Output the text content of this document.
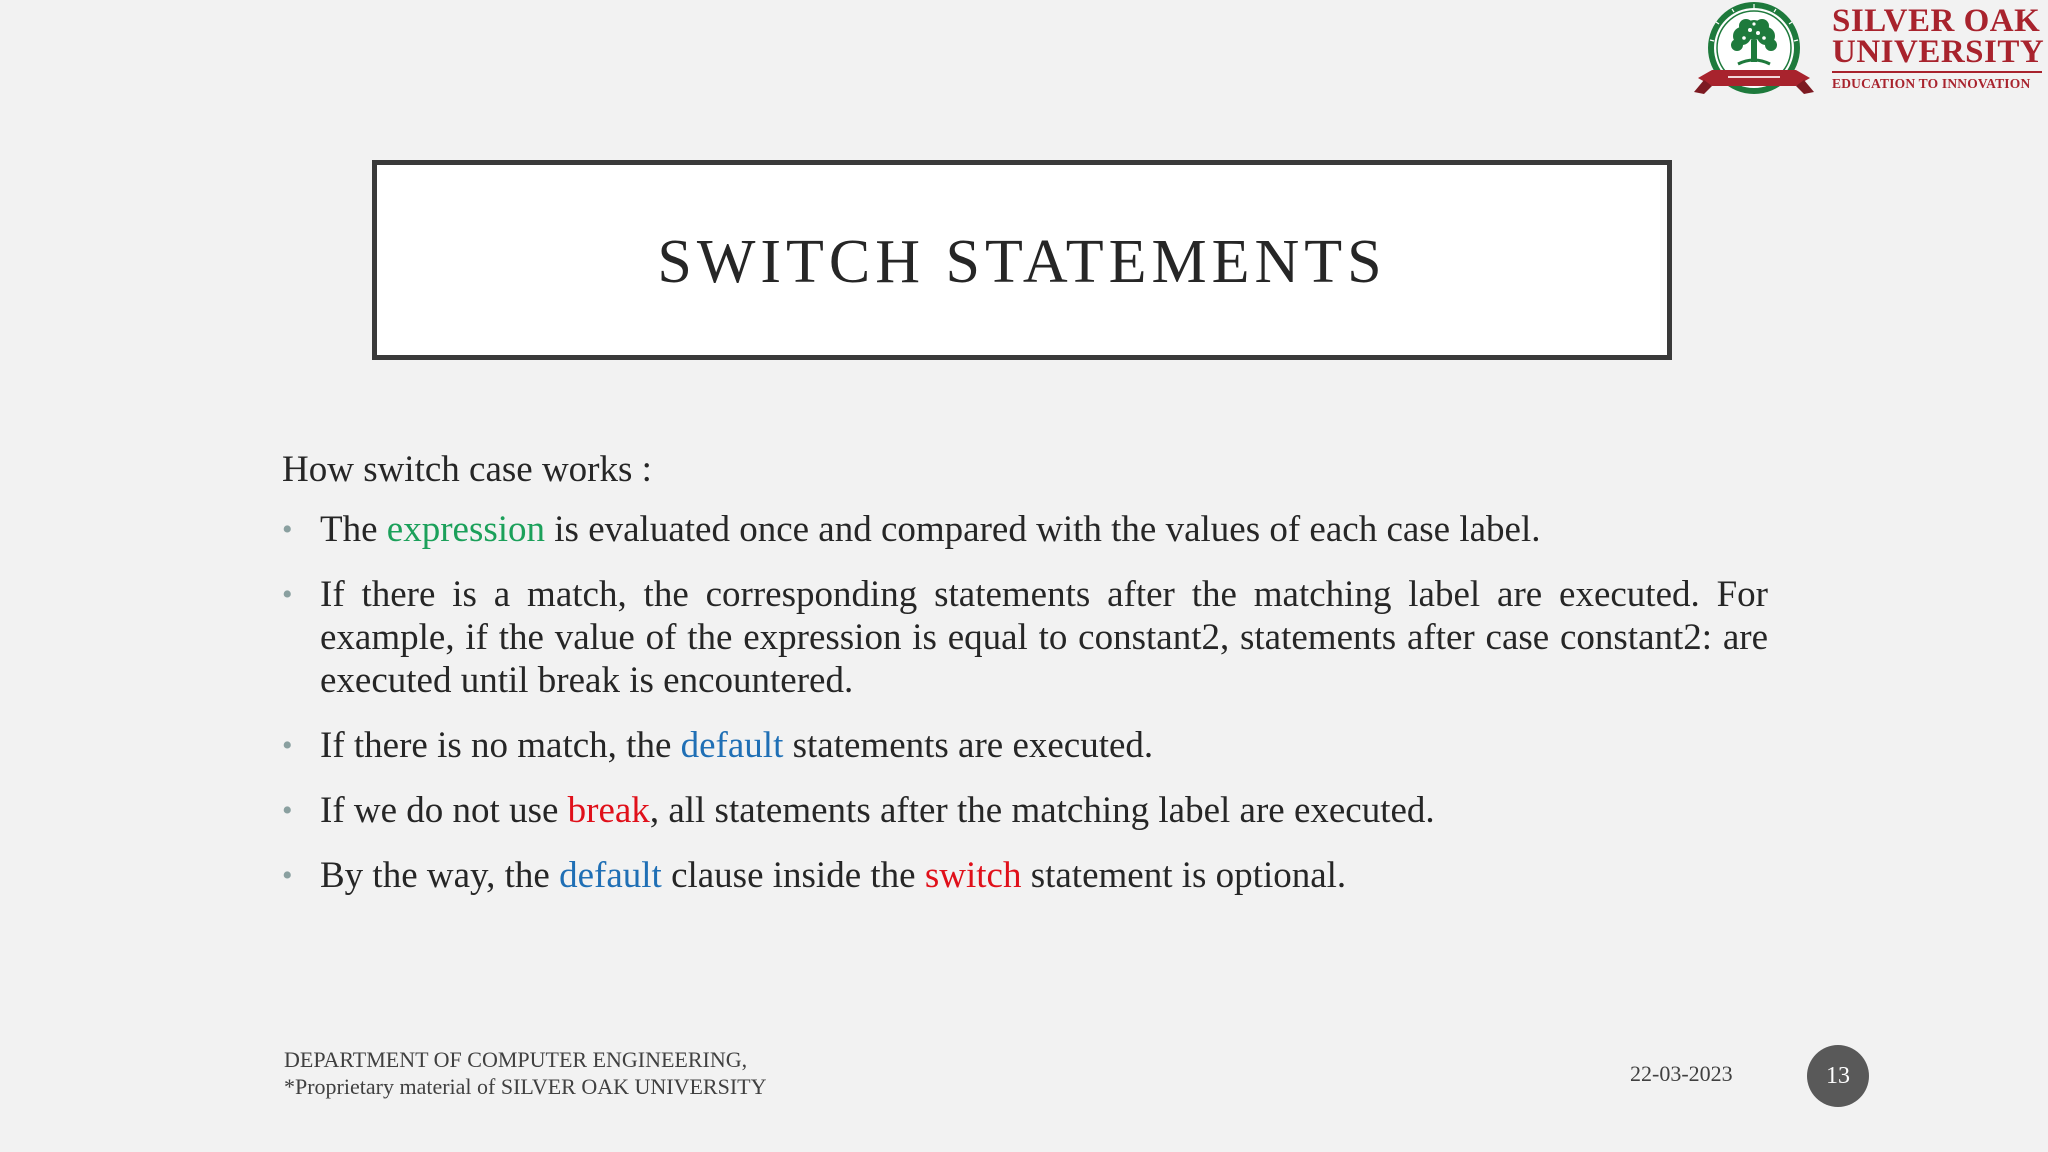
SILVER OAK
UNIVERSITY
EDUCATION TO INNOVATION
SWITCH STATEMENTS
How switch case works :
• The expression is evaluated once and compared with the values of each case label.
• If there is a match, the corresponding statements after the matching label are executed. For example, if the value of the expression is equal to constant2, statements after case constant2: are executed until break is encountered.
• If there is no match, the default statements are executed.
• If we do not use break, all statements after the matching label are executed.
• By the way, the default clause inside the switch statement is optional.
DEPARTMENT OF COMPUTER ENGINEERING,
*Proprietary material of SILVER OAK UNIVERSITY
22-03-2023	13
